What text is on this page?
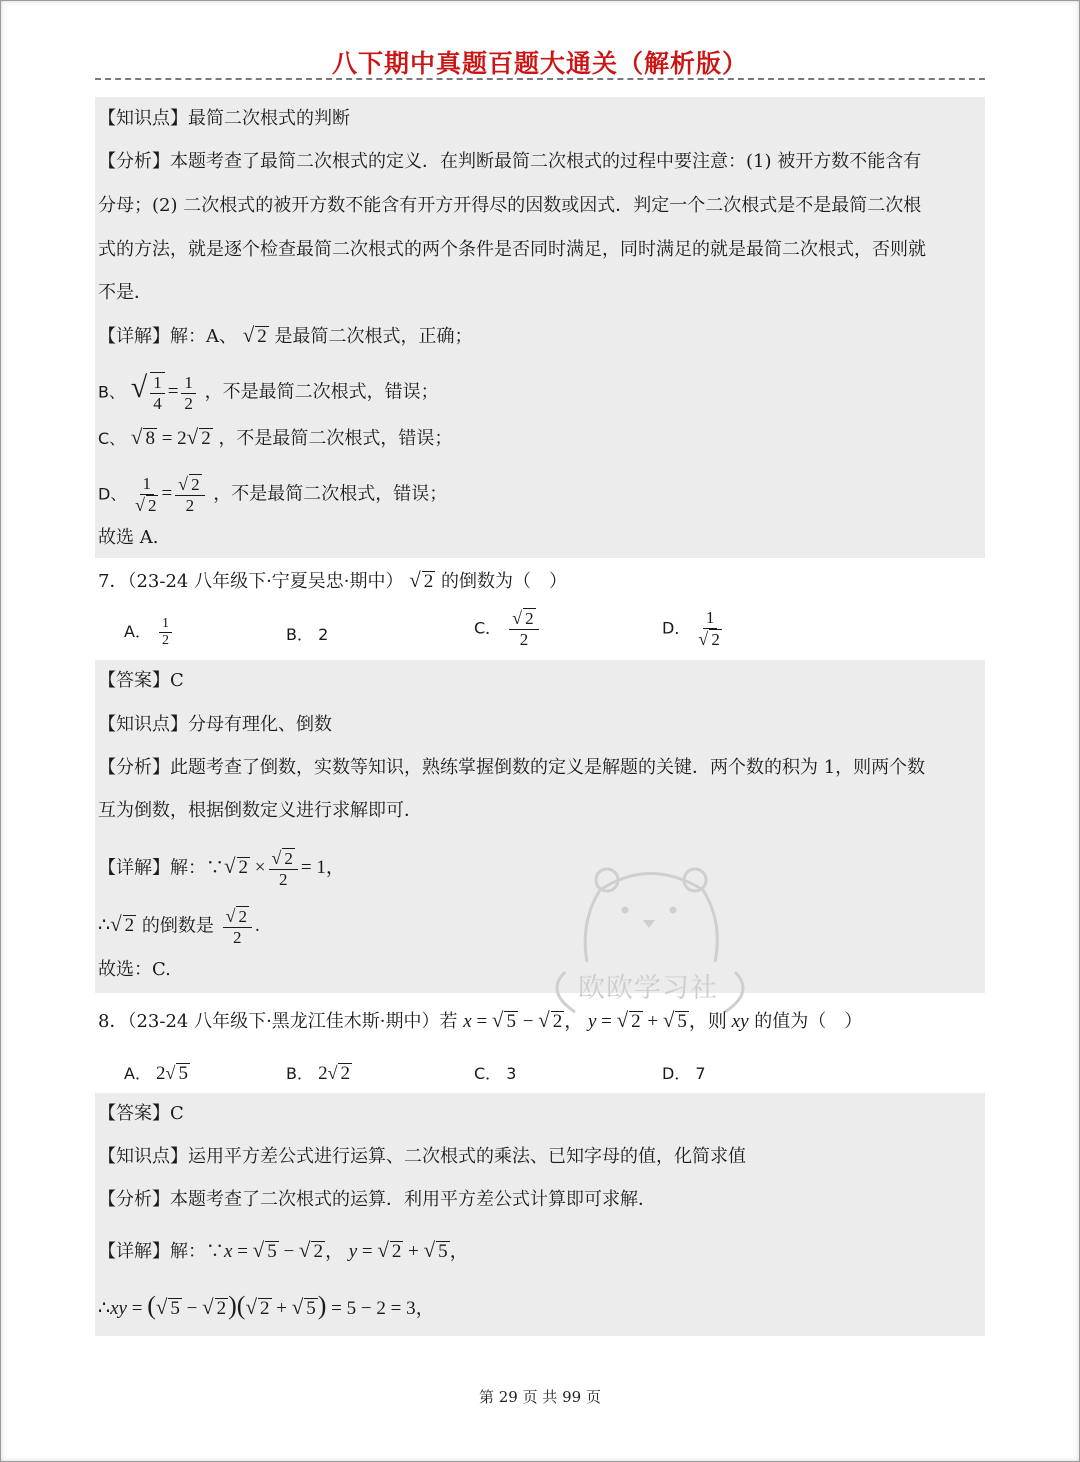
八下期中真题百题大通关（解析版）
【知识点】最简二次根式的判断
【分析】本题考查了最简二次根式的定义．在判断最简二次根式的过程中要注意：(1) 被开方数不能含有
分母；(2) 二次根式的被开方数不能含有开方开得尽的因数或因式．判定一个二次根式是不是最简二次根
式的方法，就是逐个检查最简二次根式的两个条件是否同时满足，同时满足的就是最简二次根式，否则就
不是．
【详解】解：A、 √ 2 是最简二次根式，正确；
B、 √ $\frac{1}{4} = \frac{1}{2}$ ，不是最简二次根式，错误；
C、 √ 8 = 2√ 2 ，不是最简二次根式，错误；
D、 $\frac{1}{√ 2} = \frac{√ 2}{2}$ ，不是最简二次根式，错误；
故选 A.
7．（23-24 八年级下·宁夏吴忠·期中） √ 2 的倒数为（　）
A． $\frac{1}{2}$	B． 2	C． $\frac{√ 2}{2}$	D． $\frac{1}{√ 2}$
【答案】C
【知识点】分母有理化、倒数
【分析】此题考查了倒数，实数等知识，熟练掌握倒数的定义是解题的关键．两个数的积为 1，则两个数
互为倒数，根据倒数定义进行求解即可．
【详解】解：∵√ $2 \times \frac{√ 2}{2} = 1$，
∴√ 2 的倒数是 $\frac{√ 2}{2}$ .
故选：C.
欧欧学习社
8．（23-24 八年级下·黑龙江佳木斯·期中）若 x = √ 5 − √ 2 ， y = √ 2 + √ 5 ，则 xy 的值为（　）
A． 2√ 5	B． 2√ 2	C． 3	D． 7
【答案】C
【知识点】运用平方差公式进行运算、二次根式的乘法、已知字母的值，化简求值
【分析】本题考查了二次根式的运算．利用平方差公式计算即可求解．
【详解】解：∵x = √ 5 − √ 2 ， y = √ 2 + √ 5 ，
∴xy = (√ 5 − √ 2)(√ 2 + √ 5) = 5 − 2 = 3，
第 29 页 共 99 页
